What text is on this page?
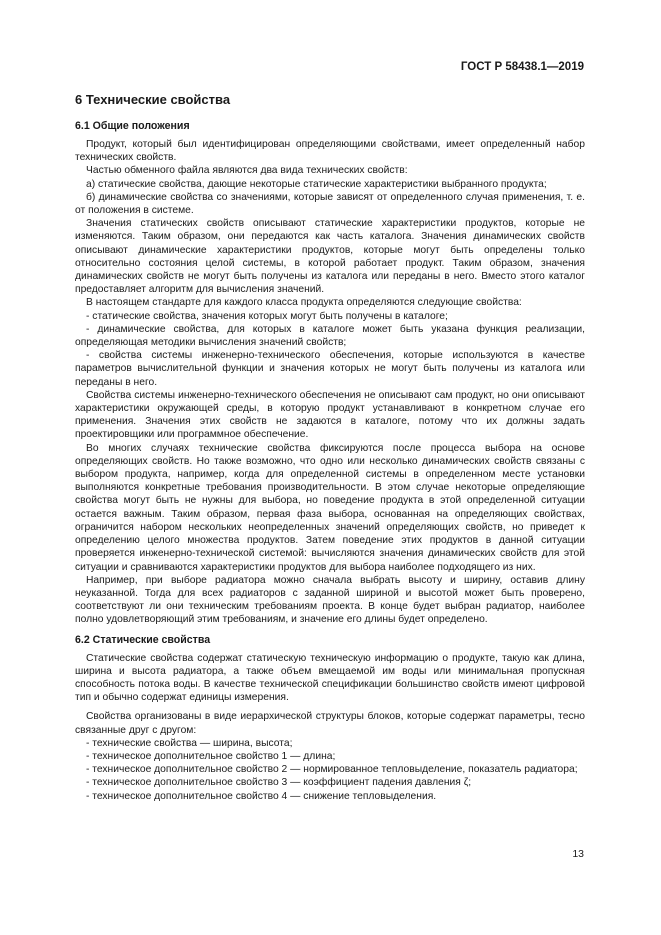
ГОСТ Р 58438.1—2019
6 Технические свойства
6.1 Общие положения

Продукт, который был идентифицирован определяющими свойствами, имеет определенный набор технических свойств.

Частью обменного файла являются два вида технических свойств:

а) статические свойства, дающие некоторые статические характеристики выбранного продукта;

б) динамические свойства со значениями, которые зависят от определенного случая применения, т. е. от положения в системе.

Значения статических свойств описывают статические характеристики продуктов, которые не изменяются. Таким образом, они передаются как часть каталога. Значения динамических свойств описывают динамические характеристики продуктов, которые могут быть определены только относительно состояния целой системы, в которой работает продукт. Таким образом, значения динамических свойств не могут быть получены из каталога или переданы в него. Вместо этого каталог предоставляет алгоритм для вычисления значений.

В настоящем стандарте для каждого класса продукта определяются следующие свойства:

- статические свойства, значения которых могут быть получены в каталоге;

- динамические свойства, для которых в каталоге может быть указана функция реализации, определяющая методики вычисления значений свойств;

- свойства системы инженерно-технического обеспечения, которые используются в качестве параметров вычислительной функции и значения которых не могут быть получены из каталога или переданы в него.

Свойства системы инженерно-технического обеспечения не описывают сам продукт, но они описывают характеристики окружающей среды, в которую продукт устанавливают в конкретном случае его применения. Значения этих свойств не задаются в каталоге, потому что их должны задать проектировщики или программное обеспечение.

Во многих случаях технические свойства фиксируются после процесса выбора на основе определяющих свойств. Но также возможно, что одно или несколько динамических свойств связаны с выбором продукта, например, когда для определенной системы в определенном месте установки выполняются конкретные требования производительности. В этом случае некоторые определяющие свойства могут быть не нужны для выбора, но поведение продукта в этой определенной ситуации остается важным. Таким образом, первая фаза выбора, основанная на определяющих свойствах, ограничится набором нескольких неопределенных значений определяющих свойств, но приведет к определению целого множества продуктов. Затем поведение этих продуктов в данной ситуации проверяется инженерно-технической системой: вычисляются значения динамических свойств для этой ситуации и сравниваются характеристики продуктов для выбора наиболее подходящего из них.

Например, при выборе радиатора можно сначала выбрать высоту и ширину, оставив длину неуказанной. Тогда для всех радиаторов с заданной шириной и высотой может быть проверено, соответствуют ли они техническим требованиям проекта. В конце будет выбран радиатор, наиболее полно удовлетворяющий этим требованиям, и значение его длины будет определено.

6.2 Статические свойства

Статические свойства содержат статическую техническую информацию о продукте, такую как длина, ширина и высота радиатора, а также объем вмещаемой им воды или минимальная пропускная способность потока воды. В качестве технической спецификации большинство свойств имеют цифровой тип и обычно содержат единицы измерения.

Свойства организованы в виде иерархической структуры блоков, которые содержат параметры, тесно связанные друг с другом:

- технические свойства — ширина, высота;

- техническое дополнительное свойство 1 — длина;

- техническое дополнительное свойство 2 — нормированное тепловыделение, показатель радиатора;

- техническое дополнительное свойство 3 — коэффициент падения давления ζ;

- техническое дополнительное свойство 4 — снижение тепловыделения.

13
